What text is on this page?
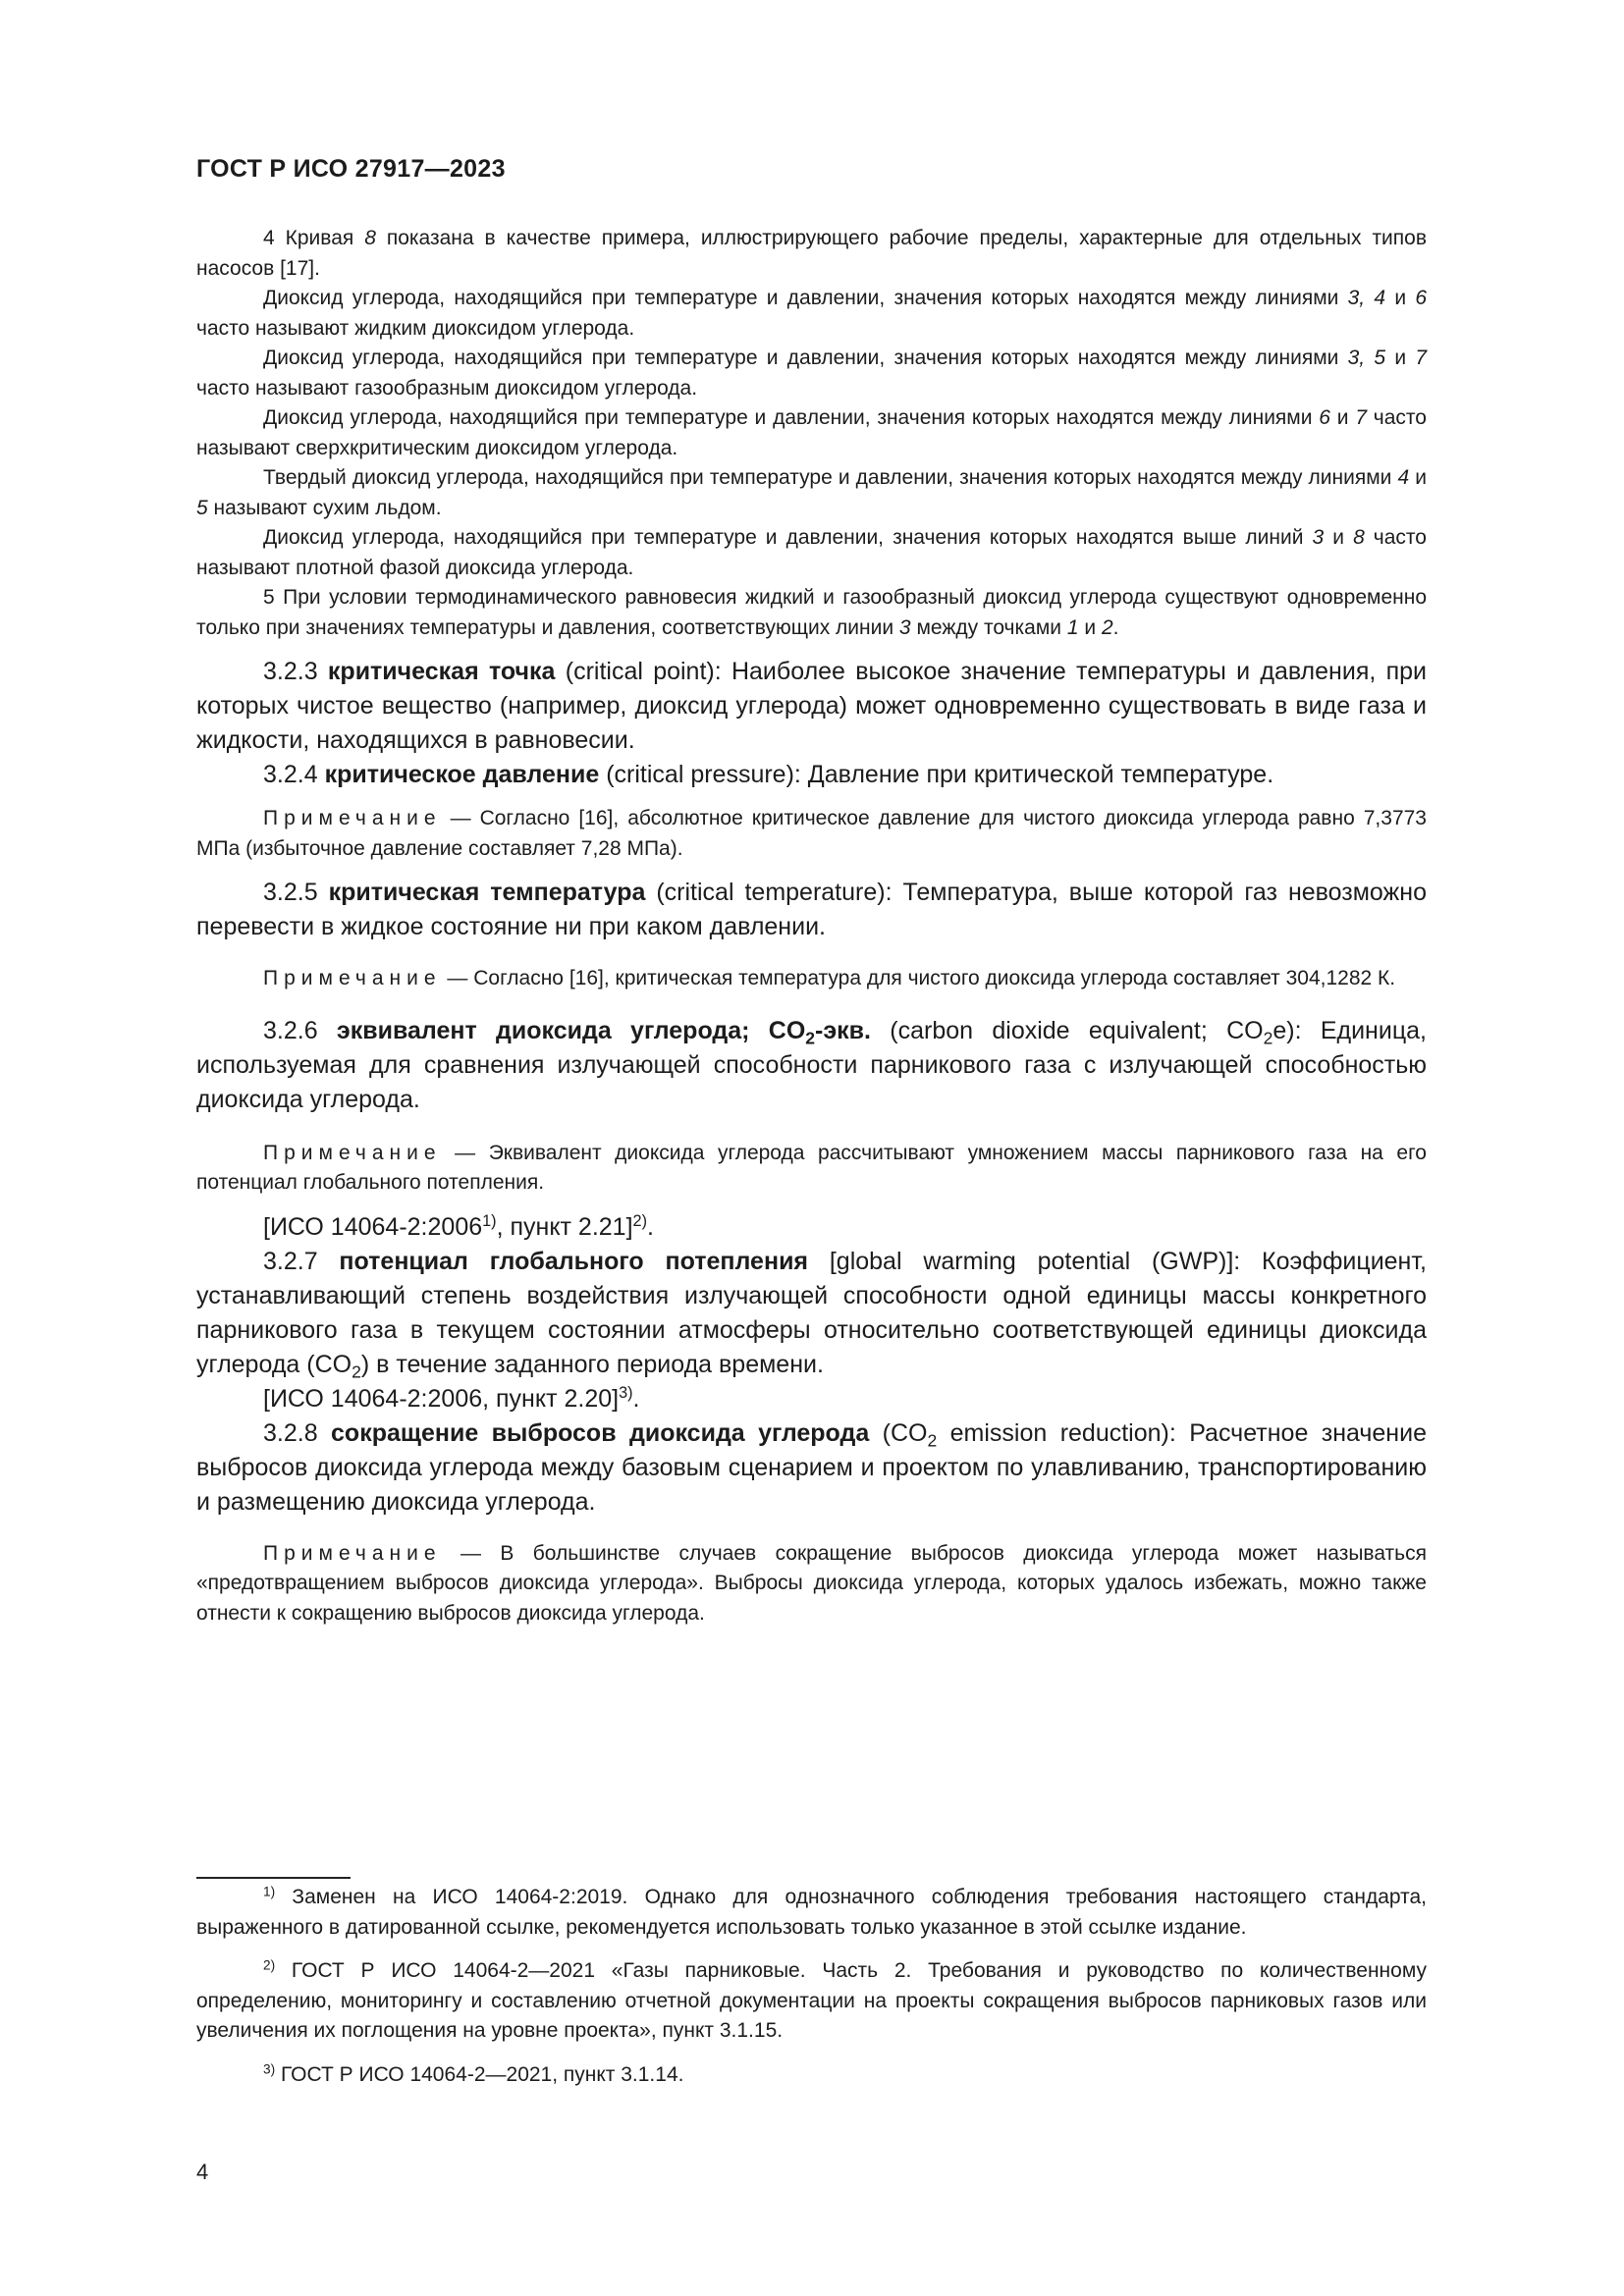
ГОСТ Р ИСО 27917—2023

4 Кривая 8 показана в качестве примера, иллюстрирующего рабочие пределы, характерные для отдельных типов насосов [17].

Диоксид углерода, находящийся при температуре и давлении, значения которых находятся между линиями 3, 4 и 6 часто называют жидким диоксидом углерода.

Диоксид углерода, находящийся при температуре и давлении, значения которых находятся между линиями 3, 5 и 7 часто называют газообразным диоксидом углерода.

Диоксид углерода, находящийся при температуре и давлении, значения которых находятся между линиями 6 и 7 часто называют сверхкритическим диоксидом углерода.

Твердый диоксид углерода, находящийся при температуре и давлении, значения которых находятся между линиями 4 и 5 называют сухим льдом.

Диоксид углерода, находящийся при температуре и давлении, значения которых находятся выше линий 3 и 8 часто называют плотной фазой диоксида углерода.

5 При условии термодинамического равновесия жидкий и газообразный диоксид углерода существуют одновременно только при значениях температуры и давления, соответствующих линии 3 между точками 1 и 2.

3.2.3 критическая точка (critical point): Наиболее высокое значение температуры и давления, при которых чистое вещество (например, диоксид углерода) может одновременно существовать в виде газа и жидкости, находящихся в равновесии.

3.2.4 критическое давление (critical pressure): Давление при критической температуре.

Примечание — Согласно [16], абсолютное критическое давление для чистого диоксида углерода равно 7,3773 МПа (избыточное давление составляет 7,28 МПа).

3.2.5 критическая температура (critical temperature): Температура, выше которой газ невозможно перевести в жидкое состояние ни при каком давлении.

Примечание — Согласно [16], критическая температура для чистого диоксида углерода составляет 304,1282 К.

3.2.6 эквивалент диоксида углерода; $CO_2$-экв. (carbon dioxide equivalent; $CO_2e$): Единица, используемая для сравнения излучающей способности парникового газа с излучающей способностью диоксида углерода.

Примечание — Эквивалент диоксида углерода рассчитывают умножением массы парникового газа на его потенциал глобального потепления.

[ИСО 14064-2:2006$^{1)}$, пункт 2.21]$^{2)}$.

3.2.7 потенциал глобального потепления [global warming potential (GWP)]: Коэффициент, устанавливающий степень воздействия излучающей способности одной единицы массы конкретного парникового газа в текущем состоянии атмосферы относительно соответствующей единицы диоксида углерода $(CO_2)$ в течение заданного периода времени.

[ИСО 14064-2:2006, пункт 2.20]$^{3)}$.

3.2.8 сокращение выбросов диоксида углерода ($CO_2$ emission reduction): Расчетное значение выбросов диоксида углерода между базовым сценарием и проектом по улавливанию, транспортированию и размещению диоксида углерода.

Примечание — В большинстве случаев сокращение выбросов диоксида углерода может называться «предотвращением выбросов диоксида углерода». Выбросы диоксида углерода, которых удалось избежать, можно также отнести к сокращению выбросов диоксида углерода.

$^{1)}$ Заменен на ИСО 14064-2:2019. Однако для однозначного соблюдения требования настоящего стандарта, выраженного в датированной ссылке, рекомендуется использовать только указанное в этой ссылке издание.

$^{2)}$ ГОСТ Р ИСО 14064-2—2021 «Газы парниковые. Часть 2. Требования и руководство по количественному определению, мониторингу и составлению отчетной документации на проекты сокращения выбросов парниковых газов или увеличения их поглощения на уровне проекта», пункт 3.1.15.

$^{3)}$ ГОСТ Р ИСО 14064-2—2021, пункт 3.1.14.

4
